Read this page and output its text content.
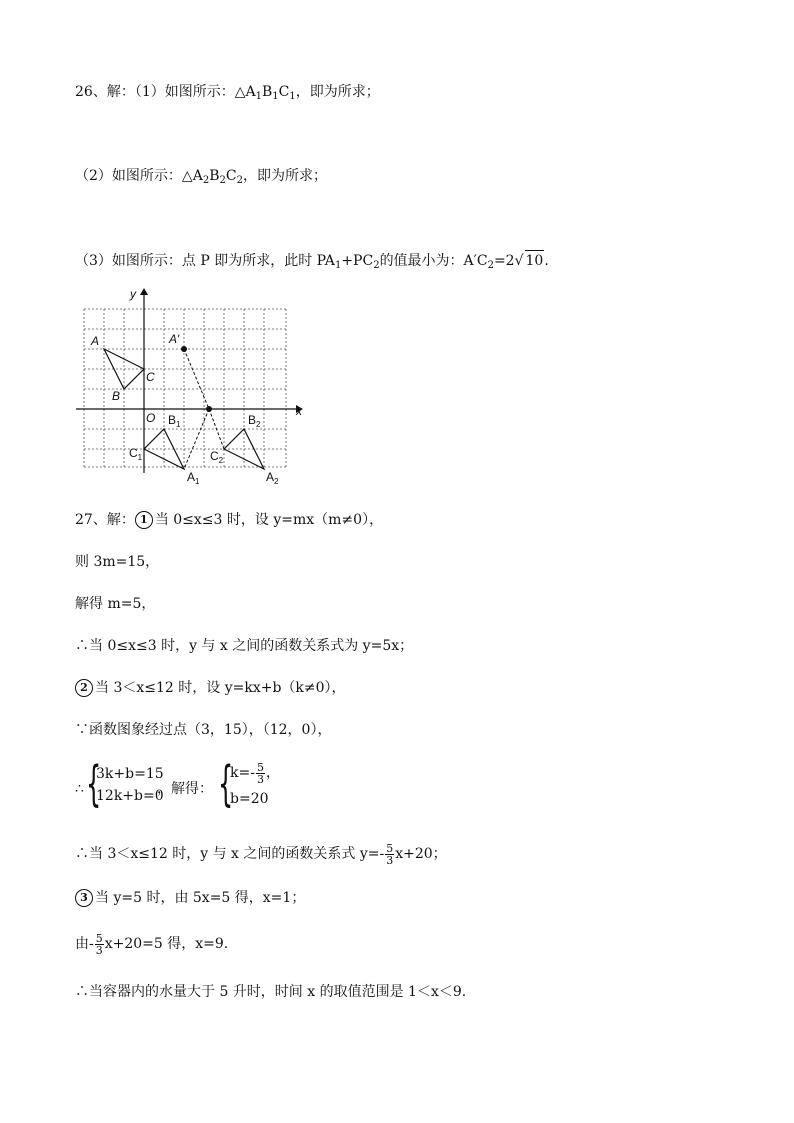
26、解：（1）如图所示：$\triangle A_1B_1C_1$，即为所求；
（2）如图所示：$\triangle A_2B_2C_2$，即为所求；
（3）如图所示：点 P 即为所求，此时 $PA_1+PC_2$的值最小为：$A'C_2=2√$ 10.
y
x
O
A
B
C
A′
$B_1$
$C_1$
$A_1$
$C_2$
$B_2$
$A_2$
27、解： 1 当 0≤x≤3 时，设 y=mx（m≠0），
则 3m=15，
解得 m=5，
∴当 0≤x≤3 时，y 与 x 之间的函数关系式为 y=5x；
2 当 3＜x≤12 时，设 y=kx+b（k≠0），
∵函数图象经过点（3，15），（12，0），
∴ {
3k+b=15
12k+b=0
，解得： {
$k=- \frac{5}{3}$ ，
b=20
∴当 3＜x≤12 时，y 与 x 之间的函数关系式 $y=- \frac{5}{3} x+20$；
3 当 y=5 时，由 5x=5 得，x=1；
由- $\frac{5}{3} x+20=5$ 得，x=9.
∴当容器内的水量大于 5 升时，时间 x 的取值范围是 1＜x＜9.
